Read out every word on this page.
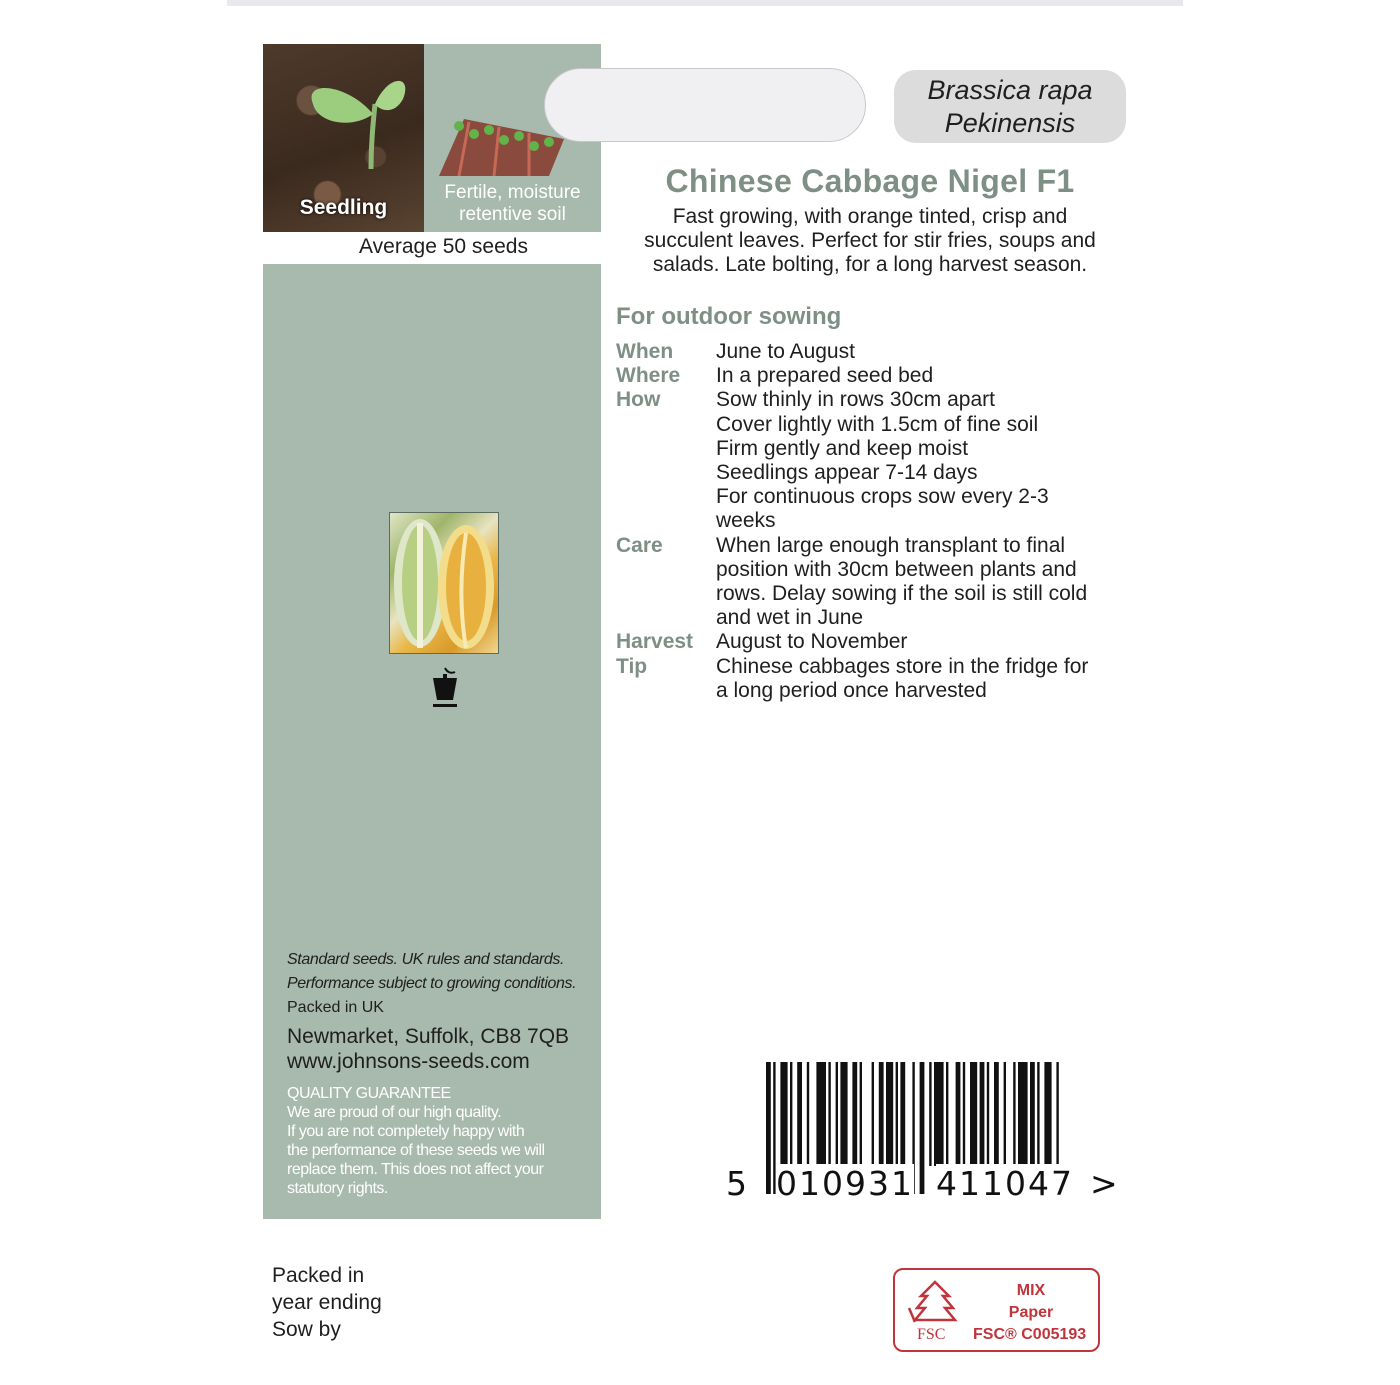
Seedling
Fertile, moisture retentive soil
Average 50 seeds
Standard seeds. UK rules and standards.
Performance subject to growing conditions.
Packed in UK
Newmarket, Suffolk, CB8 7QB
www.johnsons-seeds.com
QUALITY GUARANTEE
We are proud of our high quality.
If you are not completely happy with
the performance of these seeds we will
replace them. This does not affect your
statutory rights.
Brassica rapa
Pekinensis
Chinese Cabbage Nigel F1
Fast growing, with orange tinted, crisp and
succulent leaves. Perfect for stir fries, soups and
salads. Late bolting, for a long harvest season.
For outdoor sowing
When	June to August
Where	In a prepared seed bed
How	Sow thinly in rows 30cm apart
Cover lightly with 1.5cm of fine soil
Firm gently and keep moist
Seedlings appear 7-14 days
For continuous crops sow every 2-3
weeks
Care	When large enough transplant to final
position with 30cm between plants and
rows. Delay sowing if the soil is still cold
and wet in June
Harvest	August to November
Tip	Chinese cabbages store in the fridge for
a long period once harvested
5 010931 411047 >
Packed in
year ending
Sow by
MIX
Paper
FSC FSC® C005193
